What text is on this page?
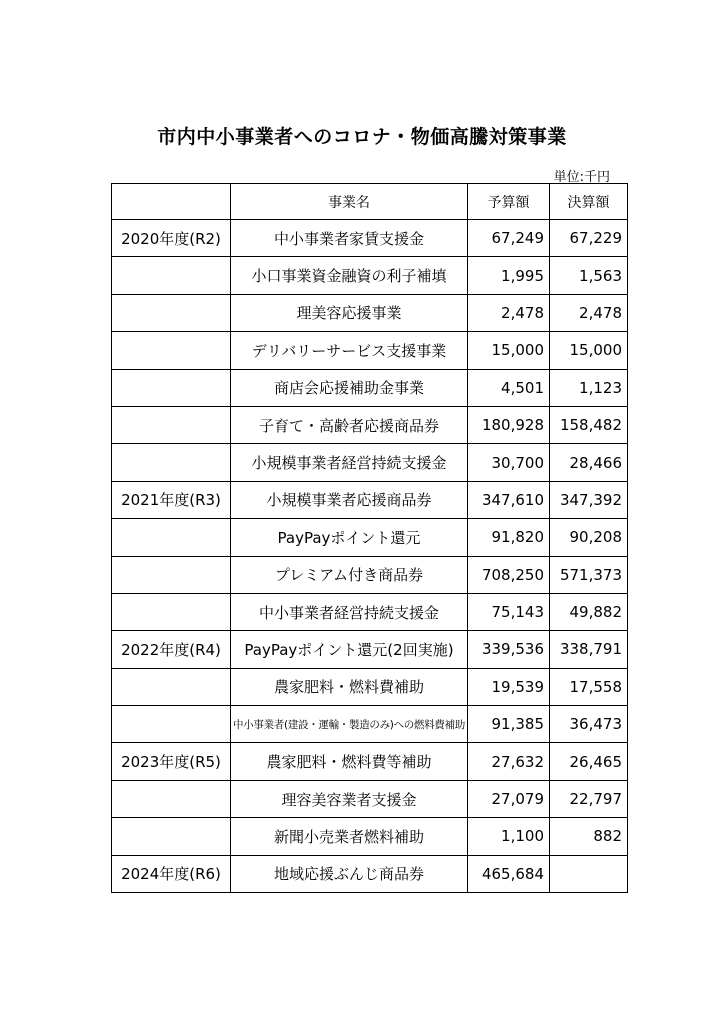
市内中小事業者へのコロナ・物価高騰対策事業
単位:千円
	事業名	予算額	決算額
2020年度(R2)	中小事業者家賃支援金	67,249	67,229
	小口事業資金融資の利子補填	1,995	1,563
	理美容応援事業	2,478	2,478
	デリバリーサービス支援事業	15,000	15,000
	商店会応援補助金事業	4,501	1,123
	子育て・高齢者応援商品券	180,928	158,482
	小規模事業者経営持続支援金	30,700	28,466
2021年度(R3)	小規模事業者応援商品券	347,610	347,392
	PayPayポイント還元	91,820	90,208
	プレミアム付き商品券	708,250	571,373
	中小事業者経営持続支援金	75,143	49,882
2022年度(R4)	PayPayポイント還元(2回実施)	339,536	338,791
	農家肥料・燃料費補助	19,539	17,558
	中小事業者(建設・運輸・製造のみ)への燃料費補助	91,385	36,473
2023年度(R5)	農家肥料・燃料費等補助	27,632	26,465
	理容美容業者支援金	27,079	22,797
	新聞小売業者燃料補助	1,100	882
2024年度(R6)	地域応援ぶんじ商品券	465,684	
